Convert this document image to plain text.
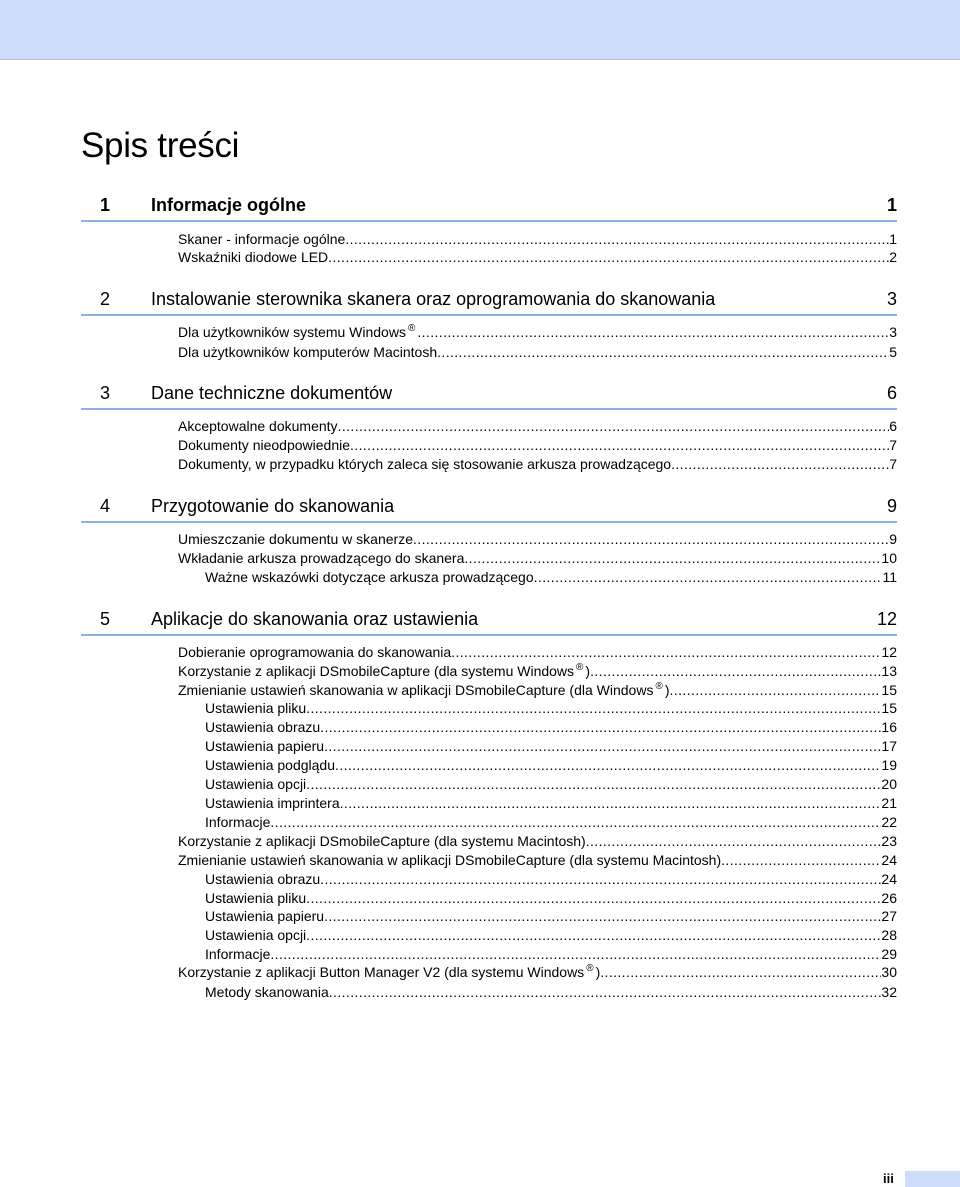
Spis treści
1 Informacje ogólne	1
Skaner - informacje ogólne .....	1
Wskaźniki diodowe LED .....	2
2 Instalowanie sterownika skanera oraz oprogramowania do skanowania	3
Dla użytkowników systemu Windows ® .....	3
Dla użytkowników komputerów Macintosh .....	5
3 Dane techniczne dokumentów	6
Akceptowalne dokumenty .....	6
Dokumenty nieodpowiednie .....	7
Dokumenty, w przypadku których zaleca się stosowanie arkusza prowadzącego .....	7
4 Przygotowanie do skanowania	9
Umieszczanie dokumentu w skanerze .....	9
Wkładanie arkusza prowadzącego do skanera .....	10
Ważne wskazówki dotyczące arkusza prowadzącego .....	11
5 Aplikacje do skanowania oraz ustawienia	12
Dobieranie oprogramowania do skanowania .....	12
Korzystanie z aplikacji DSmobileCapture (dla systemu Windows ® ) .....	13
Zmienianie ustawień skanowania w aplikacji DSmobileCapture (dla Windows ® ) .....	15
Ustawienia pliku .....	15
Ustawienia obrazu .....	16
Ustawienia papieru .....	17
Ustawienia podglądu .....	19
Ustawienia opcji .....	20
Ustawienia imprintera .....	21
Informacje .....	22
Korzystanie z aplikacji DSmobileCapture (dla systemu Macintosh) .....	23
Zmienianie ustawień skanowania w aplikacji DSmobileCapture (dla systemu Macintosh) .....	24
Ustawienia obrazu .....	24
Ustawienia pliku .....	26
Ustawienia papieru .....	27
Ustawienia opcji .....	28
Informacje .....	29
Korzystanie z aplikacji Button Manager V2 (dla systemu Windows ® ) .....	30
Metody skanowania .....	32
iii
